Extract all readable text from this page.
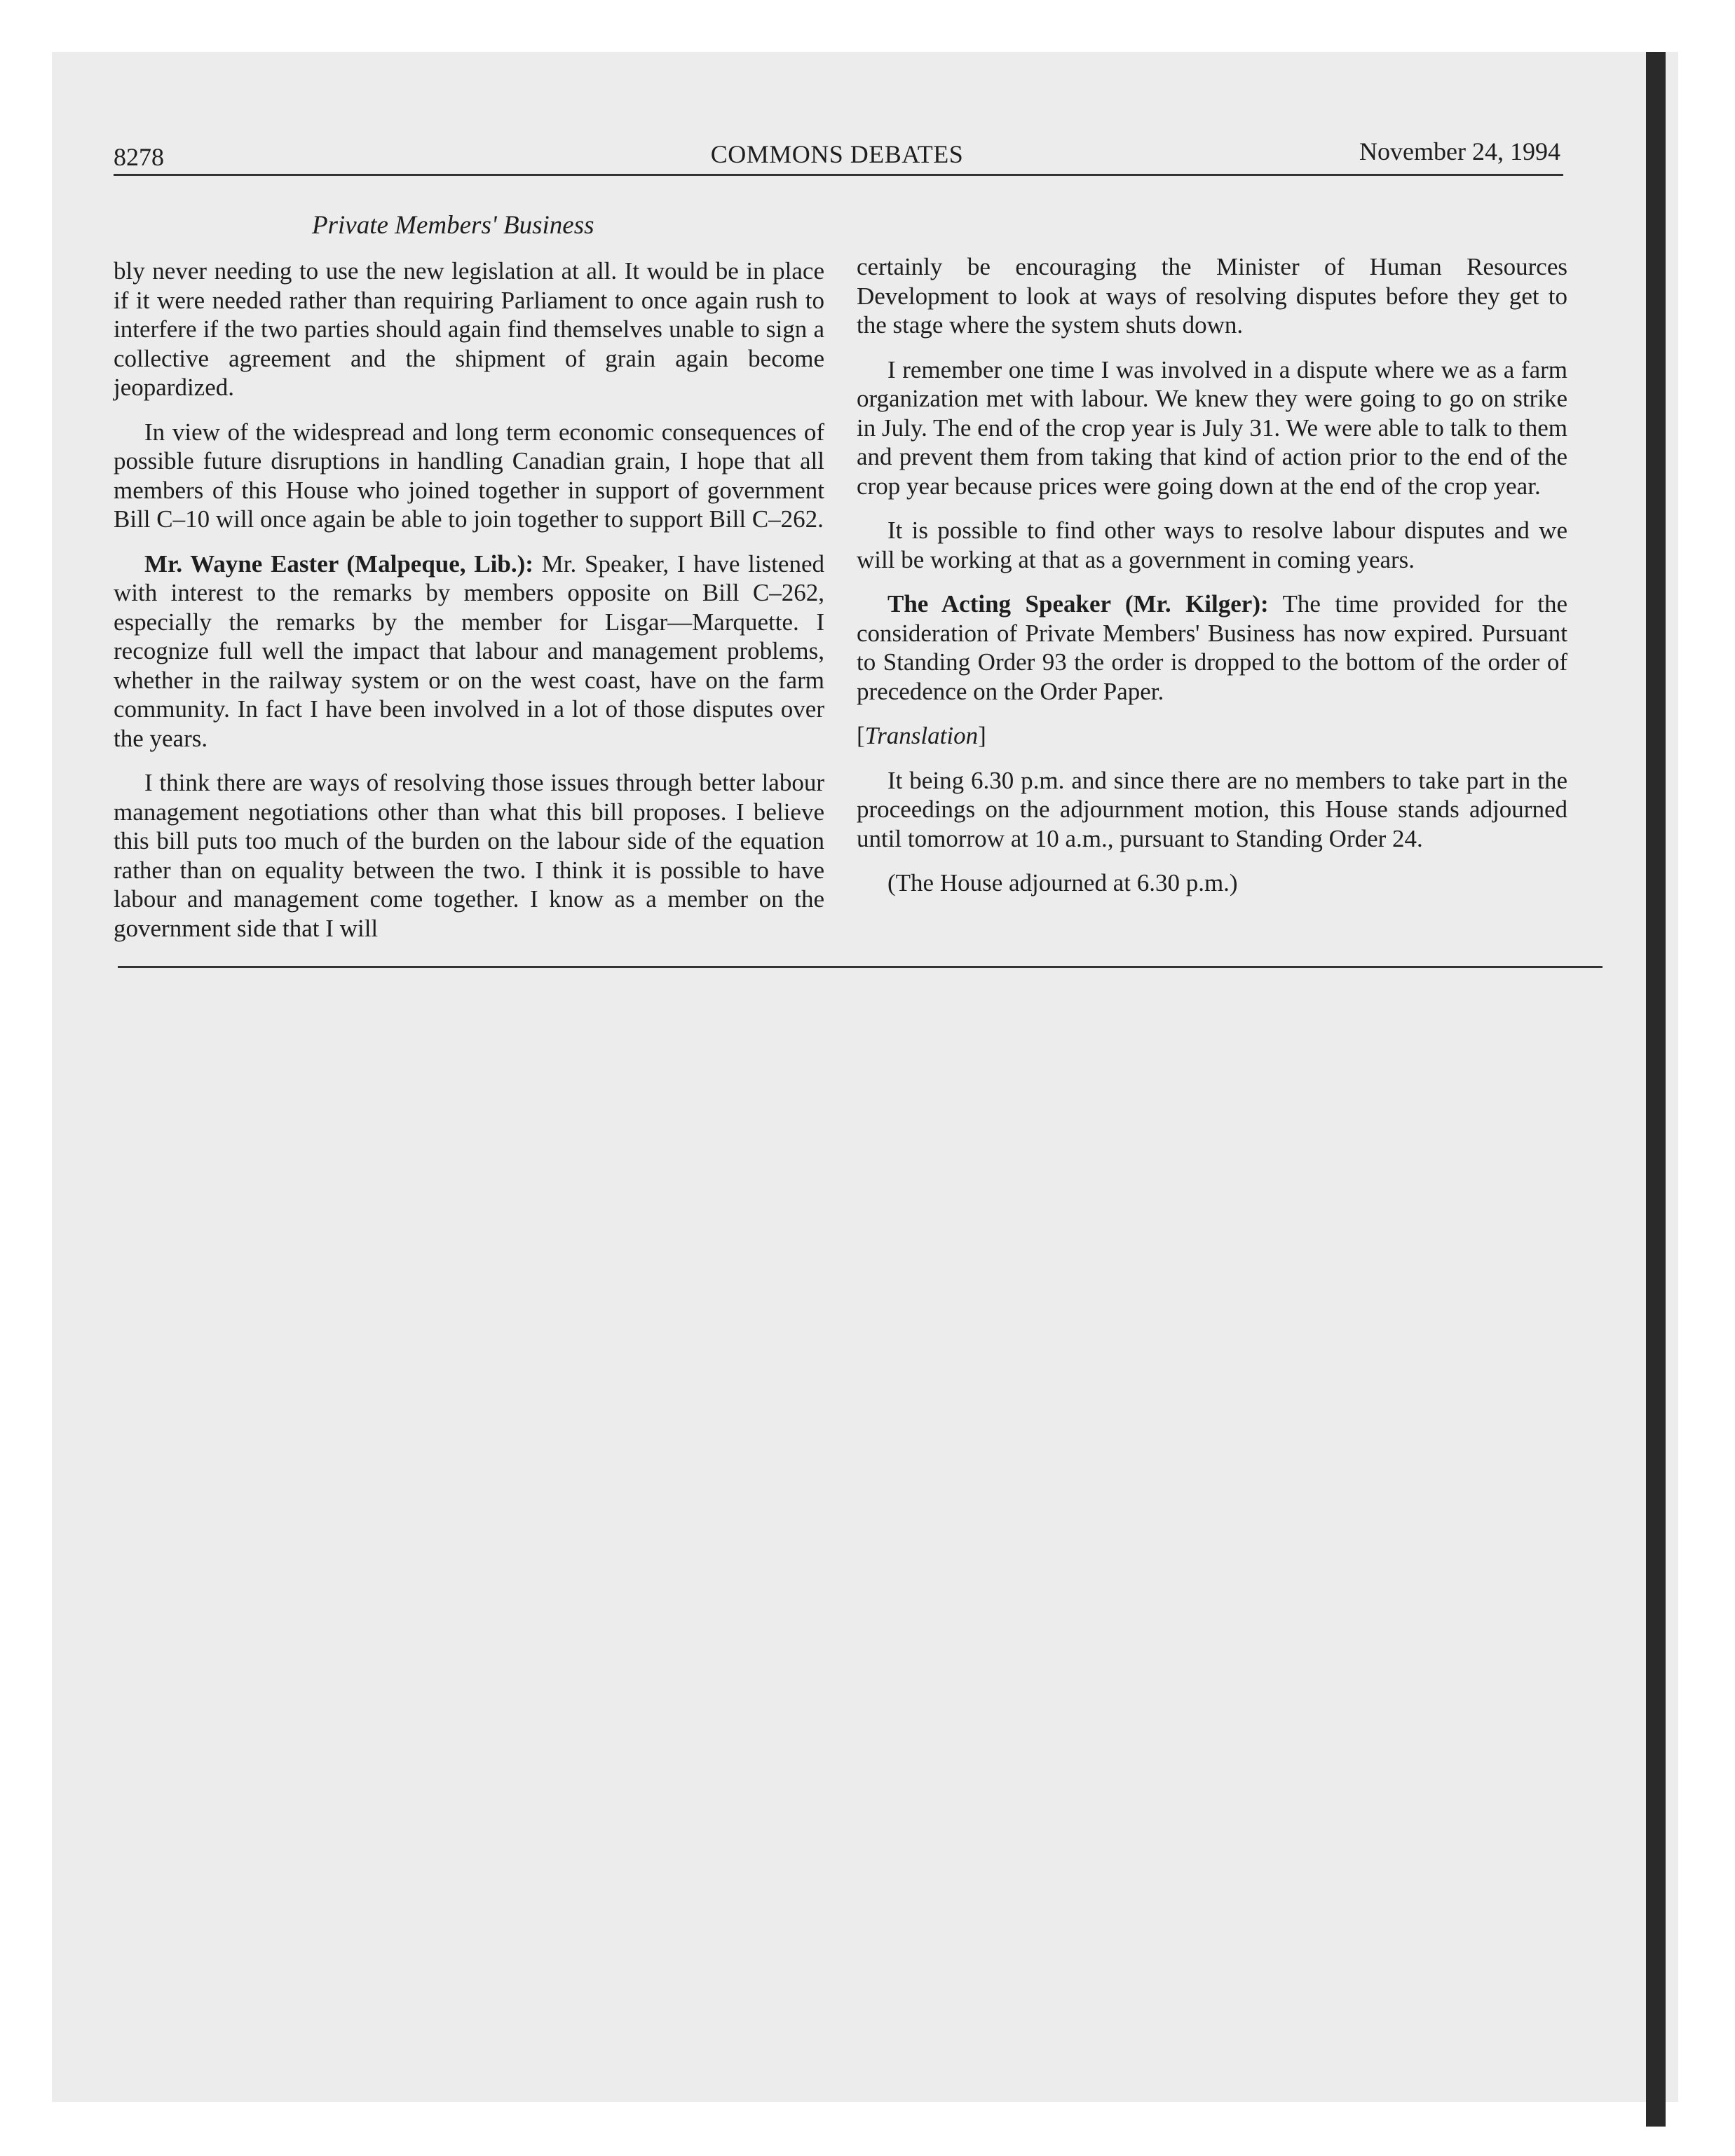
8278	COMMONS DEBATES	November 24, 1994
Private Members' Business

bly never needing to use the new legislation at all. It would be in place if it were needed rather than requiring Parliament to once again rush to interfere if the two parties should again find themselves unable to sign a collective agreement and the shipment of grain again become jeopardized.

In view of the widespread and long term economic consequences of possible future disruptions in handling Canadian grain, I hope that all members of this House who joined together in support of government Bill C–10 will once again be able to join together to support Bill C–262.

Mr. Wayne Easter (Malpeque, Lib.): Mr. Speaker, I have listened with interest to the remarks by members opposite on Bill C–262, especially the remarks by the member for Lisgar—Marquette. I recognize full well the impact that labour and management problems, whether in the railway system or on the west coast, have on the farm community. In fact I have been involved in a lot of those disputes over the years.

I think there are ways of resolving those issues through better labour management negotiations other than what this bill proposes. I believe this bill puts too much of the burden on the labour side of the equation rather than on equality between the two. I think it is possible to have labour and management come together. I know as a member on the government side that I will

certainly be encouraging the Minister of Human Resources Development to look at ways of resolving disputes before they get to the stage where the system shuts down.

I remember one time I was involved in a dispute where we as a farm organization met with labour. We knew they were going to go on strike in July. The end of the crop year is July 31. We were able to talk to them and prevent them from taking that kind of action prior to the end of the crop year because prices were going down at the end of the crop year.

It is possible to find other ways to resolve labour disputes and we will be working at that as a government in coming years.

The Acting Speaker (Mr. Kilger): The time provided for the consideration of Private Members' Business has now expired. Pursuant to Standing Order 93 the order is dropped to the bottom of the order of precedence on the Order Paper.

[Translation]

It being 6.30 p.m. and since there are no members to take part in the proceedings on the adjournment motion, this House stands adjourned until tomorrow at 10 a.m., pursuant to Standing Order 24.

(The House adjourned at 6.30 p.m.)
